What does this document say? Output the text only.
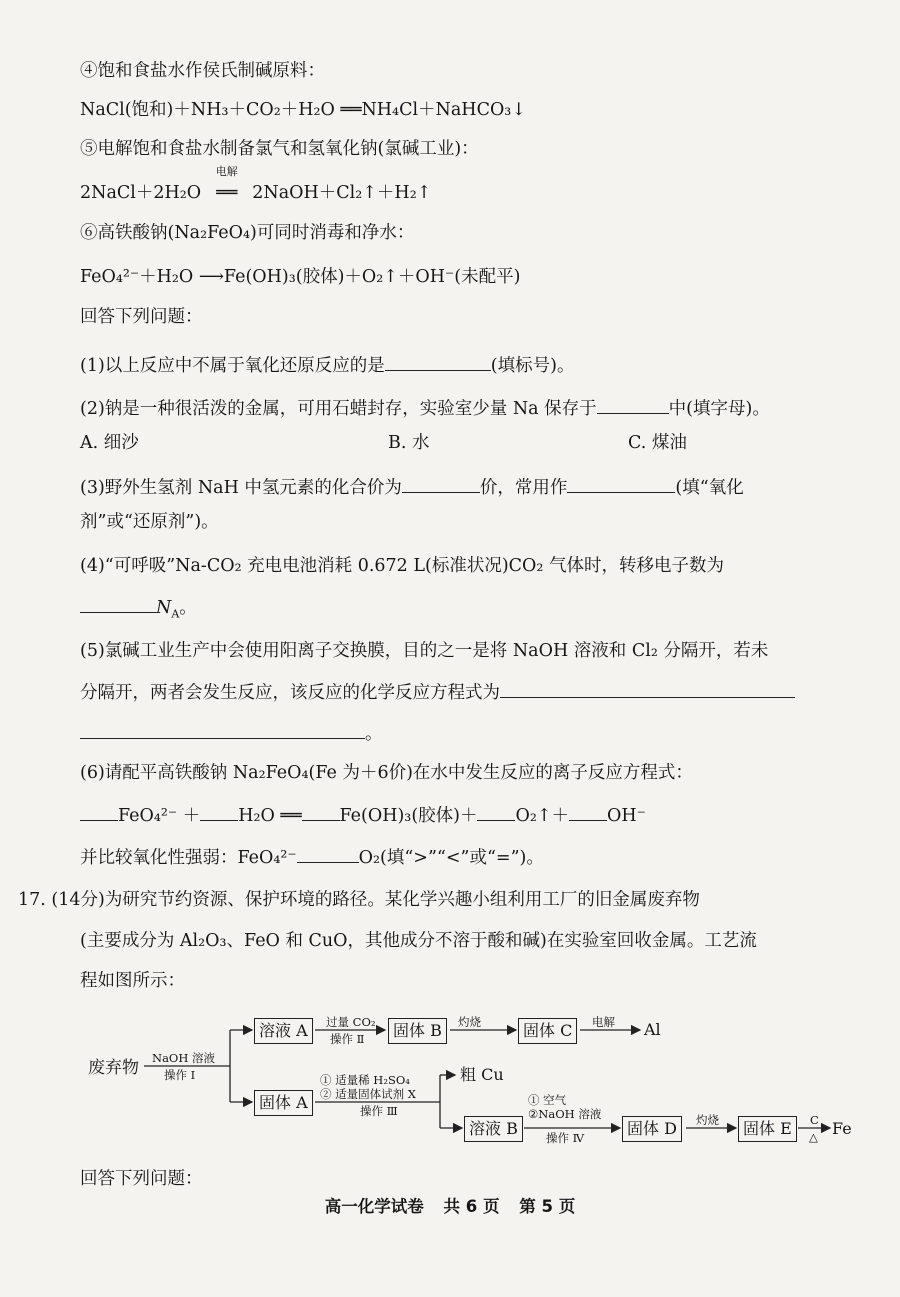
④饱和食盐水作侯氏制碱原料：
NaCl(饱和)＋NH₃＋CO₂＋H₂O ══NH₄Cl＋NaHCO₃↓
⑤电解饱和食盐水制备氯气和氢氧化钠(氯碱工业)：
2NaCl＋2H₂O
电解
══ 2NaOH＋Cl₂↑＋H₂↑
⑥高铁酸钠(Na₂FeO₄)可同时消毒和净水：
FeO₄²⁻＋H₂O ⟶Fe(OH)₃(胶体)＋O₂↑＋OH⁻(未配平)
回答下列问题：
(1)以上反应中不属于氧化还原反应的是	(填标号)。
(2)钠是一种很活泼的金属，可用石蜡封存，实验室少量 Na 保存于	中(填字母)。
A. 细沙	B. 水	C. 煤油
(3)野外生氢剂 NaH 中氢元素的化合价为	价，常用作	(填“氧化
剂”或“还原剂”)。
(4)“可呼吸”Na-CO₂ 充电电池消耗 0.672 L(标准状况)CO₂ 气体时，转移电子数为
$N_A$。
(5)氯碱工业生产中会使用阳离子交换膜，目的之一是将 NaOH 溶液和 Cl₂ 分隔开，若未
分隔开，两者会发生反应，该反应的化学反应方程式为
。
(6)请配平高铁酸钠 Na₂FeO₄(Fe 为＋6价)在水中发生反应的离子反应方程式：
FeO₄²⁻ ＋ H₂O ══ Fe(OH)₃(胶体)＋ O₂↑＋ OH⁻
并比较氧化性强弱：FeO₄²⁻	O₂(填“>”“<”或“=”)。
17. (14分)为研究节约资源、保护环境的路径。某化学兴趣小组利用工厂的旧金属废弃物
(主要成分为 Al₂O₃、FeO 和 CuO，其他成分不溶于酸和碱)在实验室回收金属。工艺流
程如图所示：
废弃物 NaOH 溶液
操作 Ⅰ
溶液 A	过量 CO₂
操作 Ⅱ	固体 B	灼烧	固体 C	电解 Al
固体 A
① 适量稀 H₂SO₄
② 适量固体试剂 X
操作 Ⅲ
粗 Cu
溶液 B
① 空气
②NaOH 溶液
操作 Ⅳ	固体 D	灼烧	固体 E	C
△ Fe
回答下列问题：
高一化学试卷 共 6 页 第 5 页
